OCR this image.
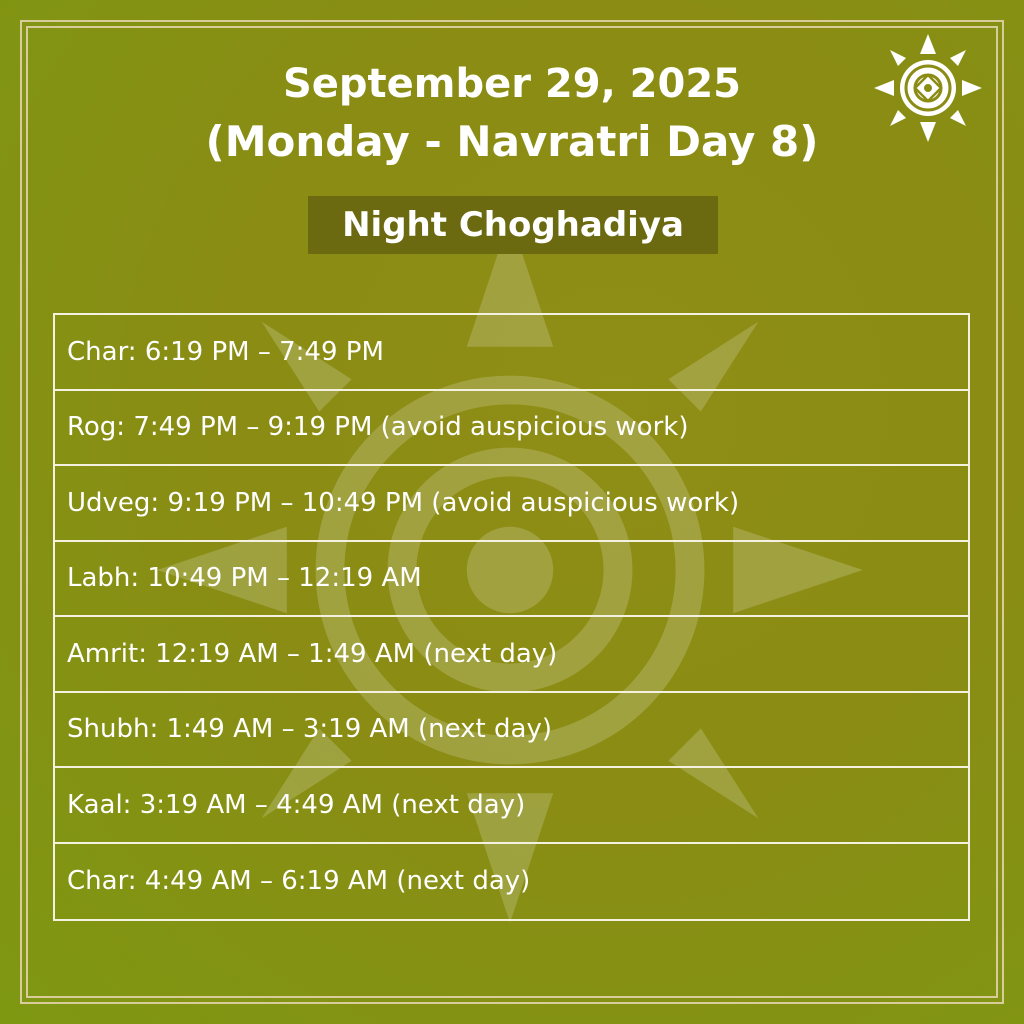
September 29, 2025
(Monday - Navratri Day 8)
Night Choghadiya
Char: 6:19 PM – 7:49 PM
Rog: 7:49 PM – 9:19 PM (avoid auspicious work)
Udveg: 9:19 PM – 10:49 PM (avoid auspicious work)
Labh: 10:49 PM – 12:19 AM
Amrit: 12:19 AM – 1:49 AM (next day)
Shubh: 1:49 AM – 3:19 AM (next day)
Kaal: 3:19 AM – 4:49 AM (next day)
Char: 4:49 AM – 6:19 AM (next day)
